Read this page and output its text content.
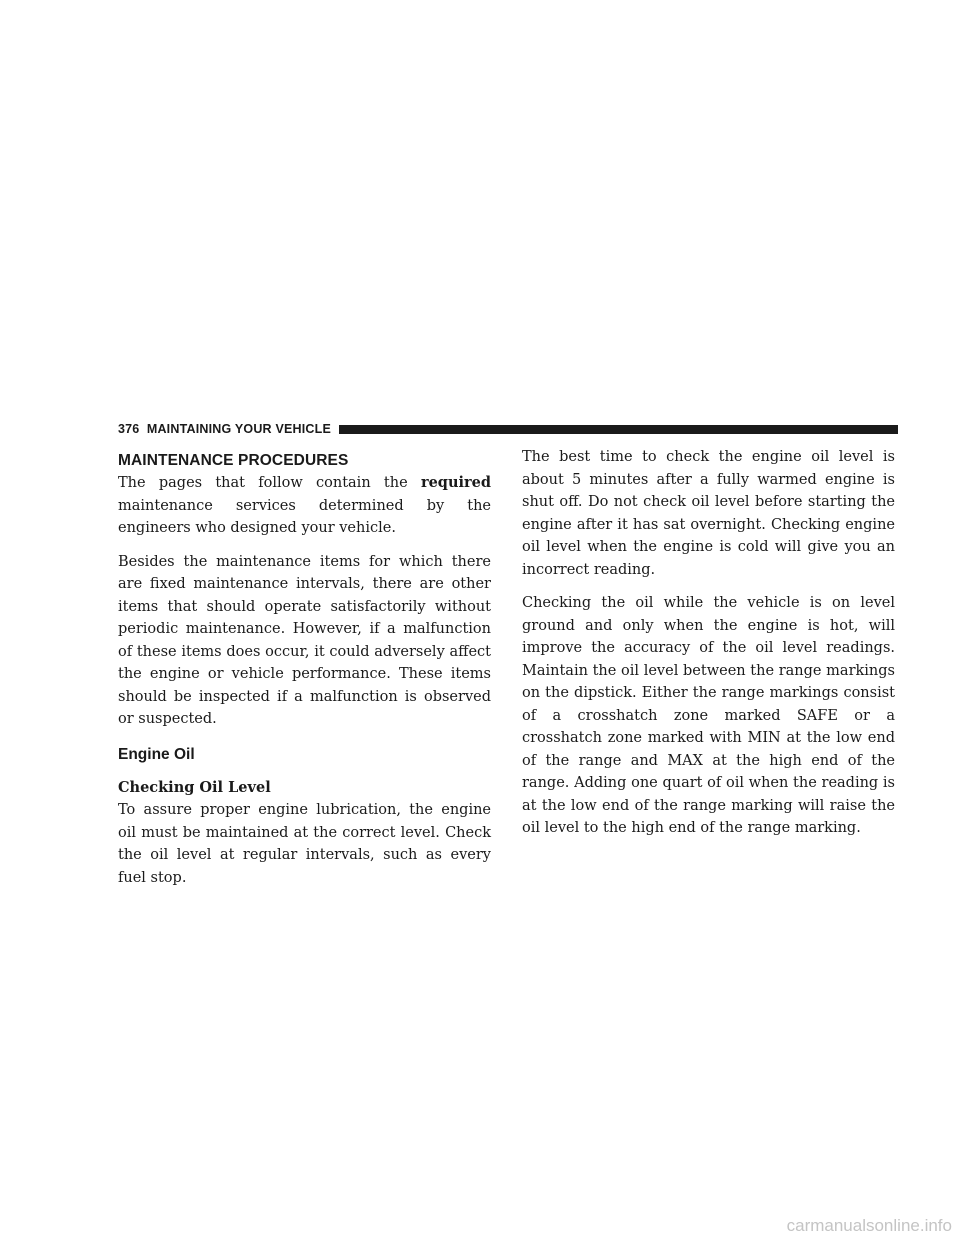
376 MAINTAINING YOUR VEHICLE
MAINTENANCE PROCEDURES

The pages that follow contain the required maintenance services determined by the engineers who designed your vehicle.

Besides the maintenance items for which there are fixed maintenance intervals, there are other items that should operate satisfactorily without periodic maintenance. However, if a malfunction of these items does occur, it could adversely affect the engine or vehicle performance. These items should be inspected if a malfunction is observed or suspected.

Engine Oil
Checking Oil Level

To assure proper engine lubrication, the engine oil must be maintained at the correct level. Check the oil level at regular intervals, such as every fuel stop.

The best time to check the engine oil level is about 5 minutes after a fully warmed engine is shut off. Do not check oil level before starting the engine after it has sat overnight. Checking engine oil level when the engine is cold will give you an incorrect reading.

Checking the oil while the vehicle is on level ground and only when the engine is hot, will improve the accuracy of the oil level readings. Maintain the oil level between the range markings on the dipstick. Either the range markings consist of a crosshatch zone marked SAFE or a crosshatch zone marked with MIN at the low end of the range and MAX at the high end of the range. Adding one quart of oil when the reading is at the low end of the range marking will raise the oil level to the high end of the range marking.

carmanualsonline.info
